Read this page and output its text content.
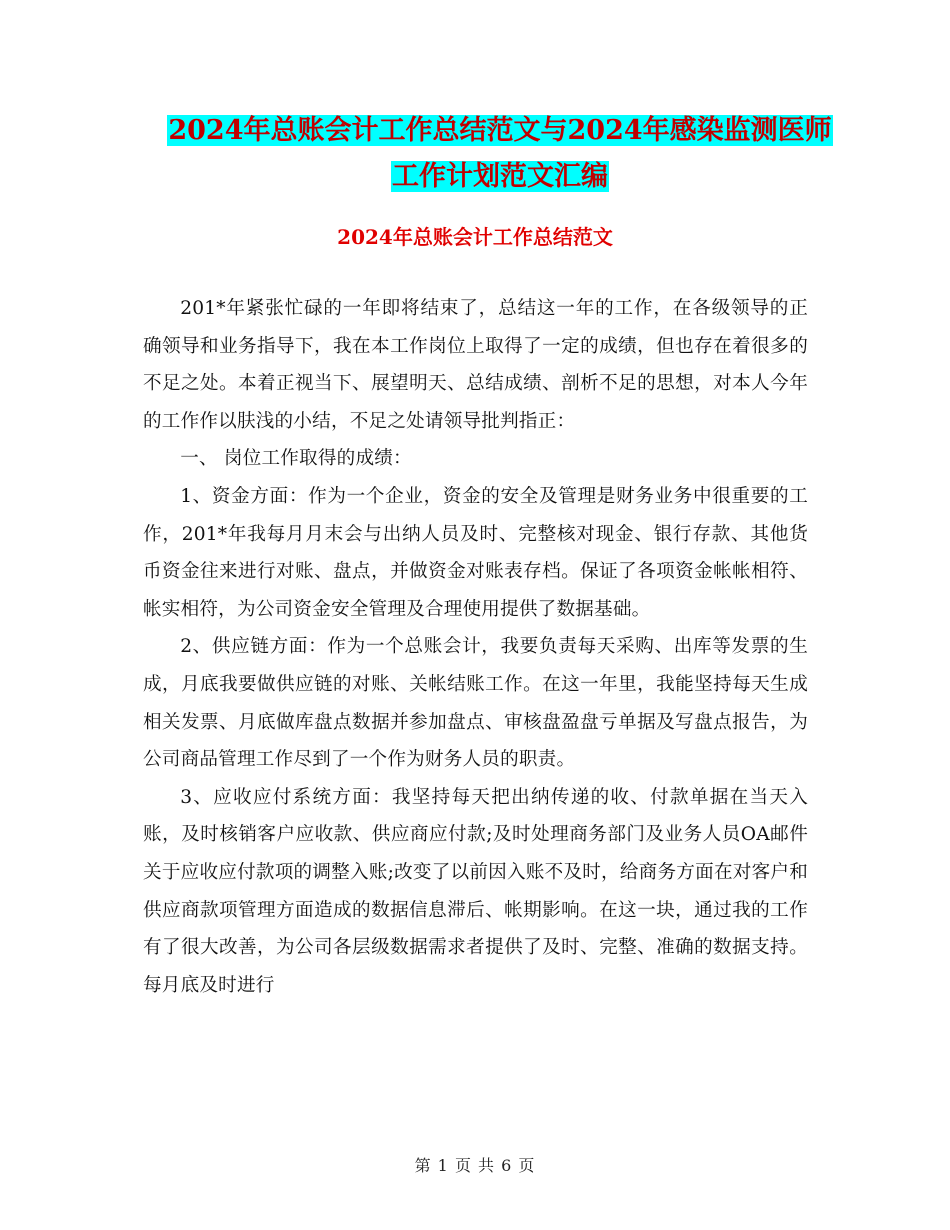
2024年总账会计工作总结范文与2024年感染监测医师
工作计划范文汇编
2024年总账会计工作总结范文

201*年紧张忙碌的一年即将结束了，总结这一年的工作，在各级领导的正确领导和业务指导下，我在本工作岗位上取得了一定的成绩，但也存在着很多的不足之处。本着正视当下、展望明天、总结成绩、剖析不足的思想，对本人今年的工作作以肤浅的小结，不足之处请领导批判指正：

一、 岗位工作取得的成绩：

1、资金方面：作为一个企业，资金的安全及管理是财务业务中很重要的工作，201*年我每月月末会与出纳人员及时、完整核对现金、银行存款、其他货币资金往来进行对账、盘点，并做资金对账表存档。保证了各项资金帐帐相符、帐实相符，为公司资金安全管理及合理使用提供了数据基础。

2、供应链方面：作为一个总账会计，我要负责每天采购、出库等发票的生成，月底我要做供应链的对账、关帐结账工作。在这一年里，我能坚持每天生成相关发票、月底做库盘点数据并参加盘点、审核盘盈盘亏单据及写盘点报告，为公司商品管理工作尽到了一个作为财务人员的职责。

3、应收应付系统方面：我坚持每天把出纳传递的收、付款单据在当天入账，及时核销客户应收款、供应商应付款;及时处理商务部门及业务人员OA邮件关于应收应付款项的调整入账;改变了以前因入账不及时，给商务方面在对客户和供应商款项管理方面造成的数据信息滞后、帐期影响。在这一块，通过我的工作有了很大改善，为公司各层级数据需求者提供了及时、完整、准确的数据支持。每月底及时进行

第 1 页 共 6 页
